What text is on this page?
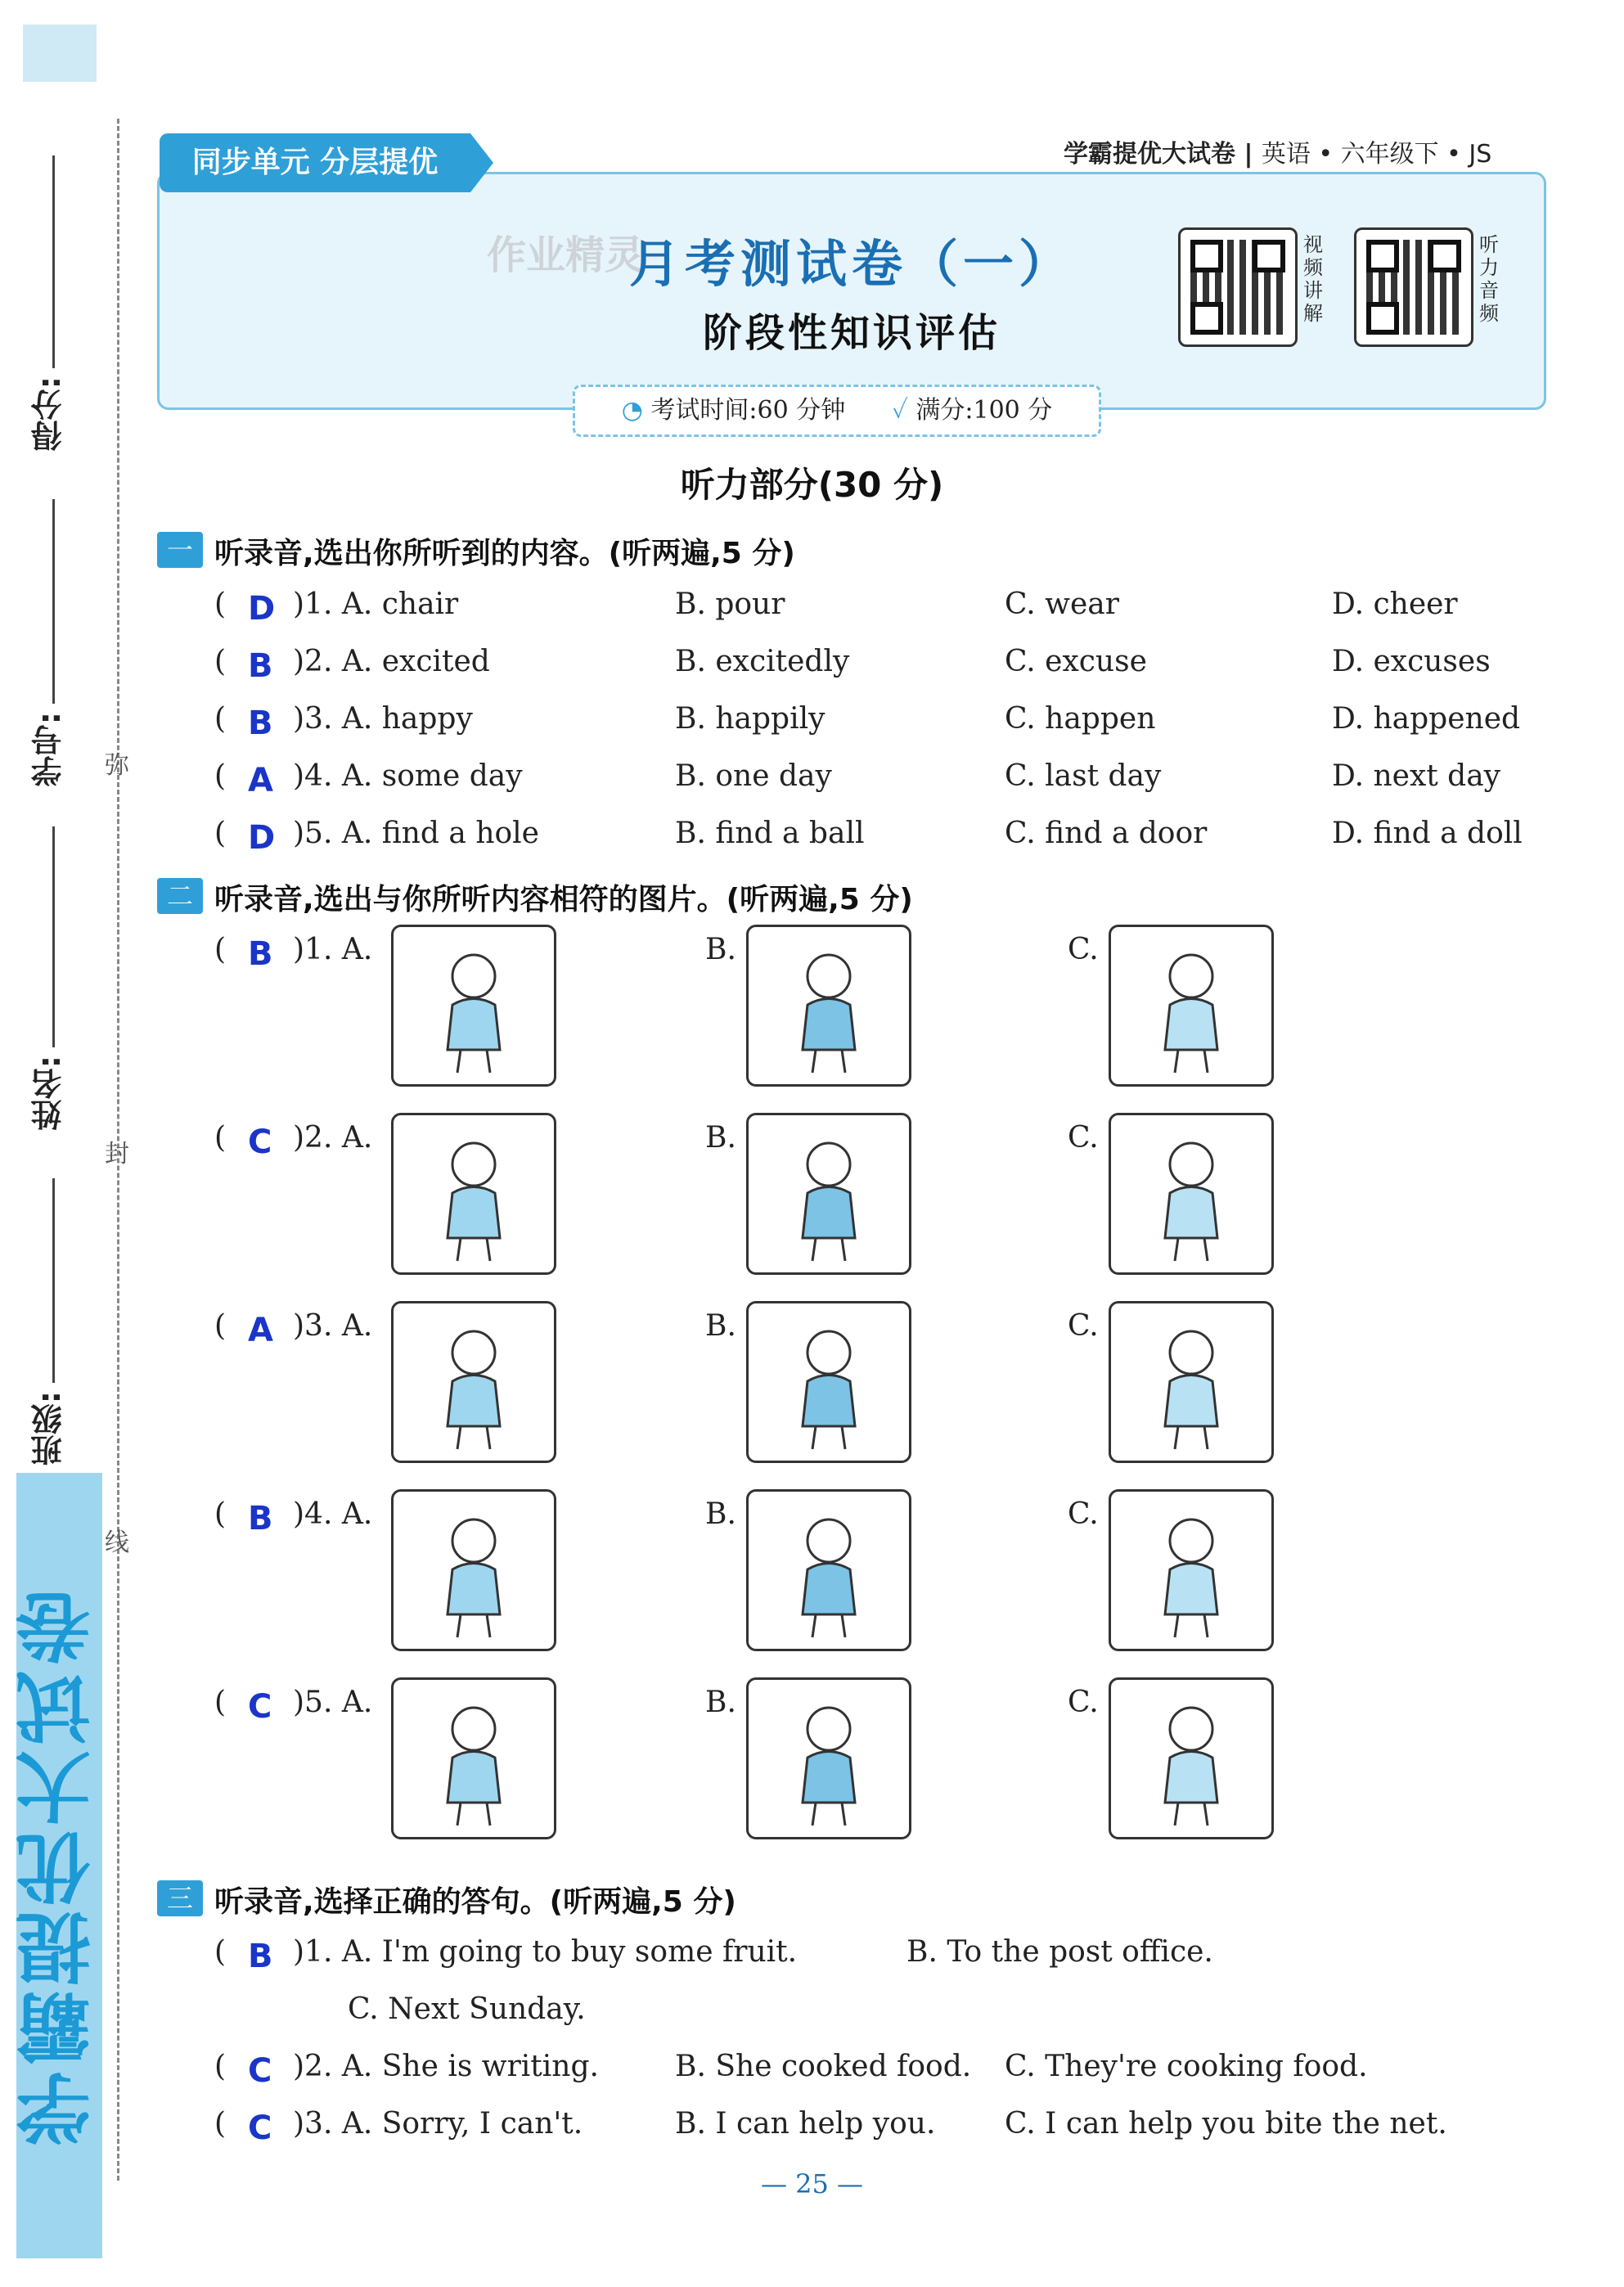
得分:
学号:
姓名:
班级:
弥
封
线
学霸提优大试卷
作业精灵
月考测试卷（一）
阶段性知识评估
视频讲解
听力音频
同步单元 分层提优	学霸提优大试卷 | 英语 • 六年级下 • JS
◔ 考试时间:60 分钟 ✓ 满分:100 分
听力部分(30 分)
一 听录音,选出你所听到的内容。(听两遍,5 分)
( D )1. A. chair	B. pour	C. wear	D. cheer
( B )2. A. excited	B. excitedly	C. excuse	D. excuses
( B )3. A. happy	B. happily	C. happen	D. happened
( A )4. A. some day	B. one day	C. last day	D. next day
( D )5. A. find a hole	B. find a ball	C. find a door	D. find a doll
二 听录音,选出与你所听内容相符的图片。(听两遍,5 分)
( B )1. A.	B.	C.
( C )2. A.	B.	C.
( A )3. A.	B.	C.
( B )4. A.	B.	C.
( C )5. A.	B.	C.
三 听录音,选择正确的答句。(听两遍,5 分)
( B )1. A. I'm going to buy some fruit.	B. To the post office.
C. Next Sunday.
( C )2. A. She is writing.	B. She cooked food. C. They're cooking food.
( C )3. A. Sorry, I can't.	B. I can help you. C. I can help you bite the net.
— 25 —
